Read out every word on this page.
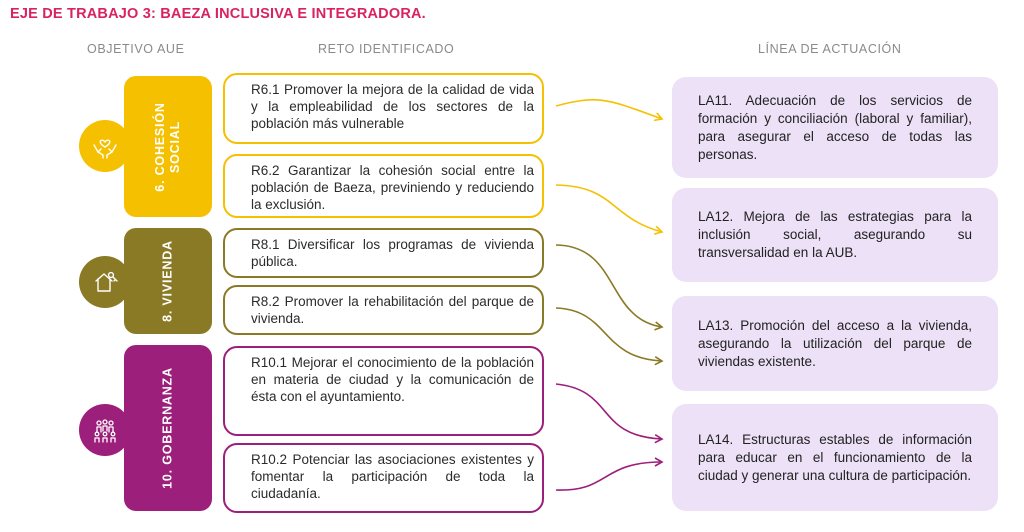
EJE DE TRABAJO 3: BAEZA INCLUSIVA E INTEGRADORA.
OBJETIVO AUE	RETO IDENTIFICADO	LÍNEA DE ACTUACIÓN
6. COHESIÓN SOCIAL
8. VIVIENDA
10. GOBERNANZA
R6.1 Promover la mejora de la calidad de vida y la empleabilidad de los sectores de la población más vulnerable
R6.2 Garantizar la cohesión social entre la población de Baeza, previniendo y reduciendo la exclusión.
R8.1 Diversificar los programas de vivienda pública.
R8.2 Promover la rehabilitación del parque de vivienda.
R10.1 Mejorar el conocimiento de la población en materia de ciudad y la comunicación de ésta con el ayuntamiento.
R10.2 Potenciar las asociaciones existentes y fomentar la participación de toda la ciudadanía.
LA11. Adecuación de los servicios de formación y conciliación (laboral y familiar), para asegurar el acceso de todas las personas.
LA12. Mejora de las estrategias para la inclusión social, asegurando su transversalidad en la AUB.
LA13. Promoción del acceso a la vivienda, asegurando la utilización del parque de viviendas existente.
LA14. Estructuras estables de información para educar en el funcionamiento de la ciudad y generar una cultura de participación.
